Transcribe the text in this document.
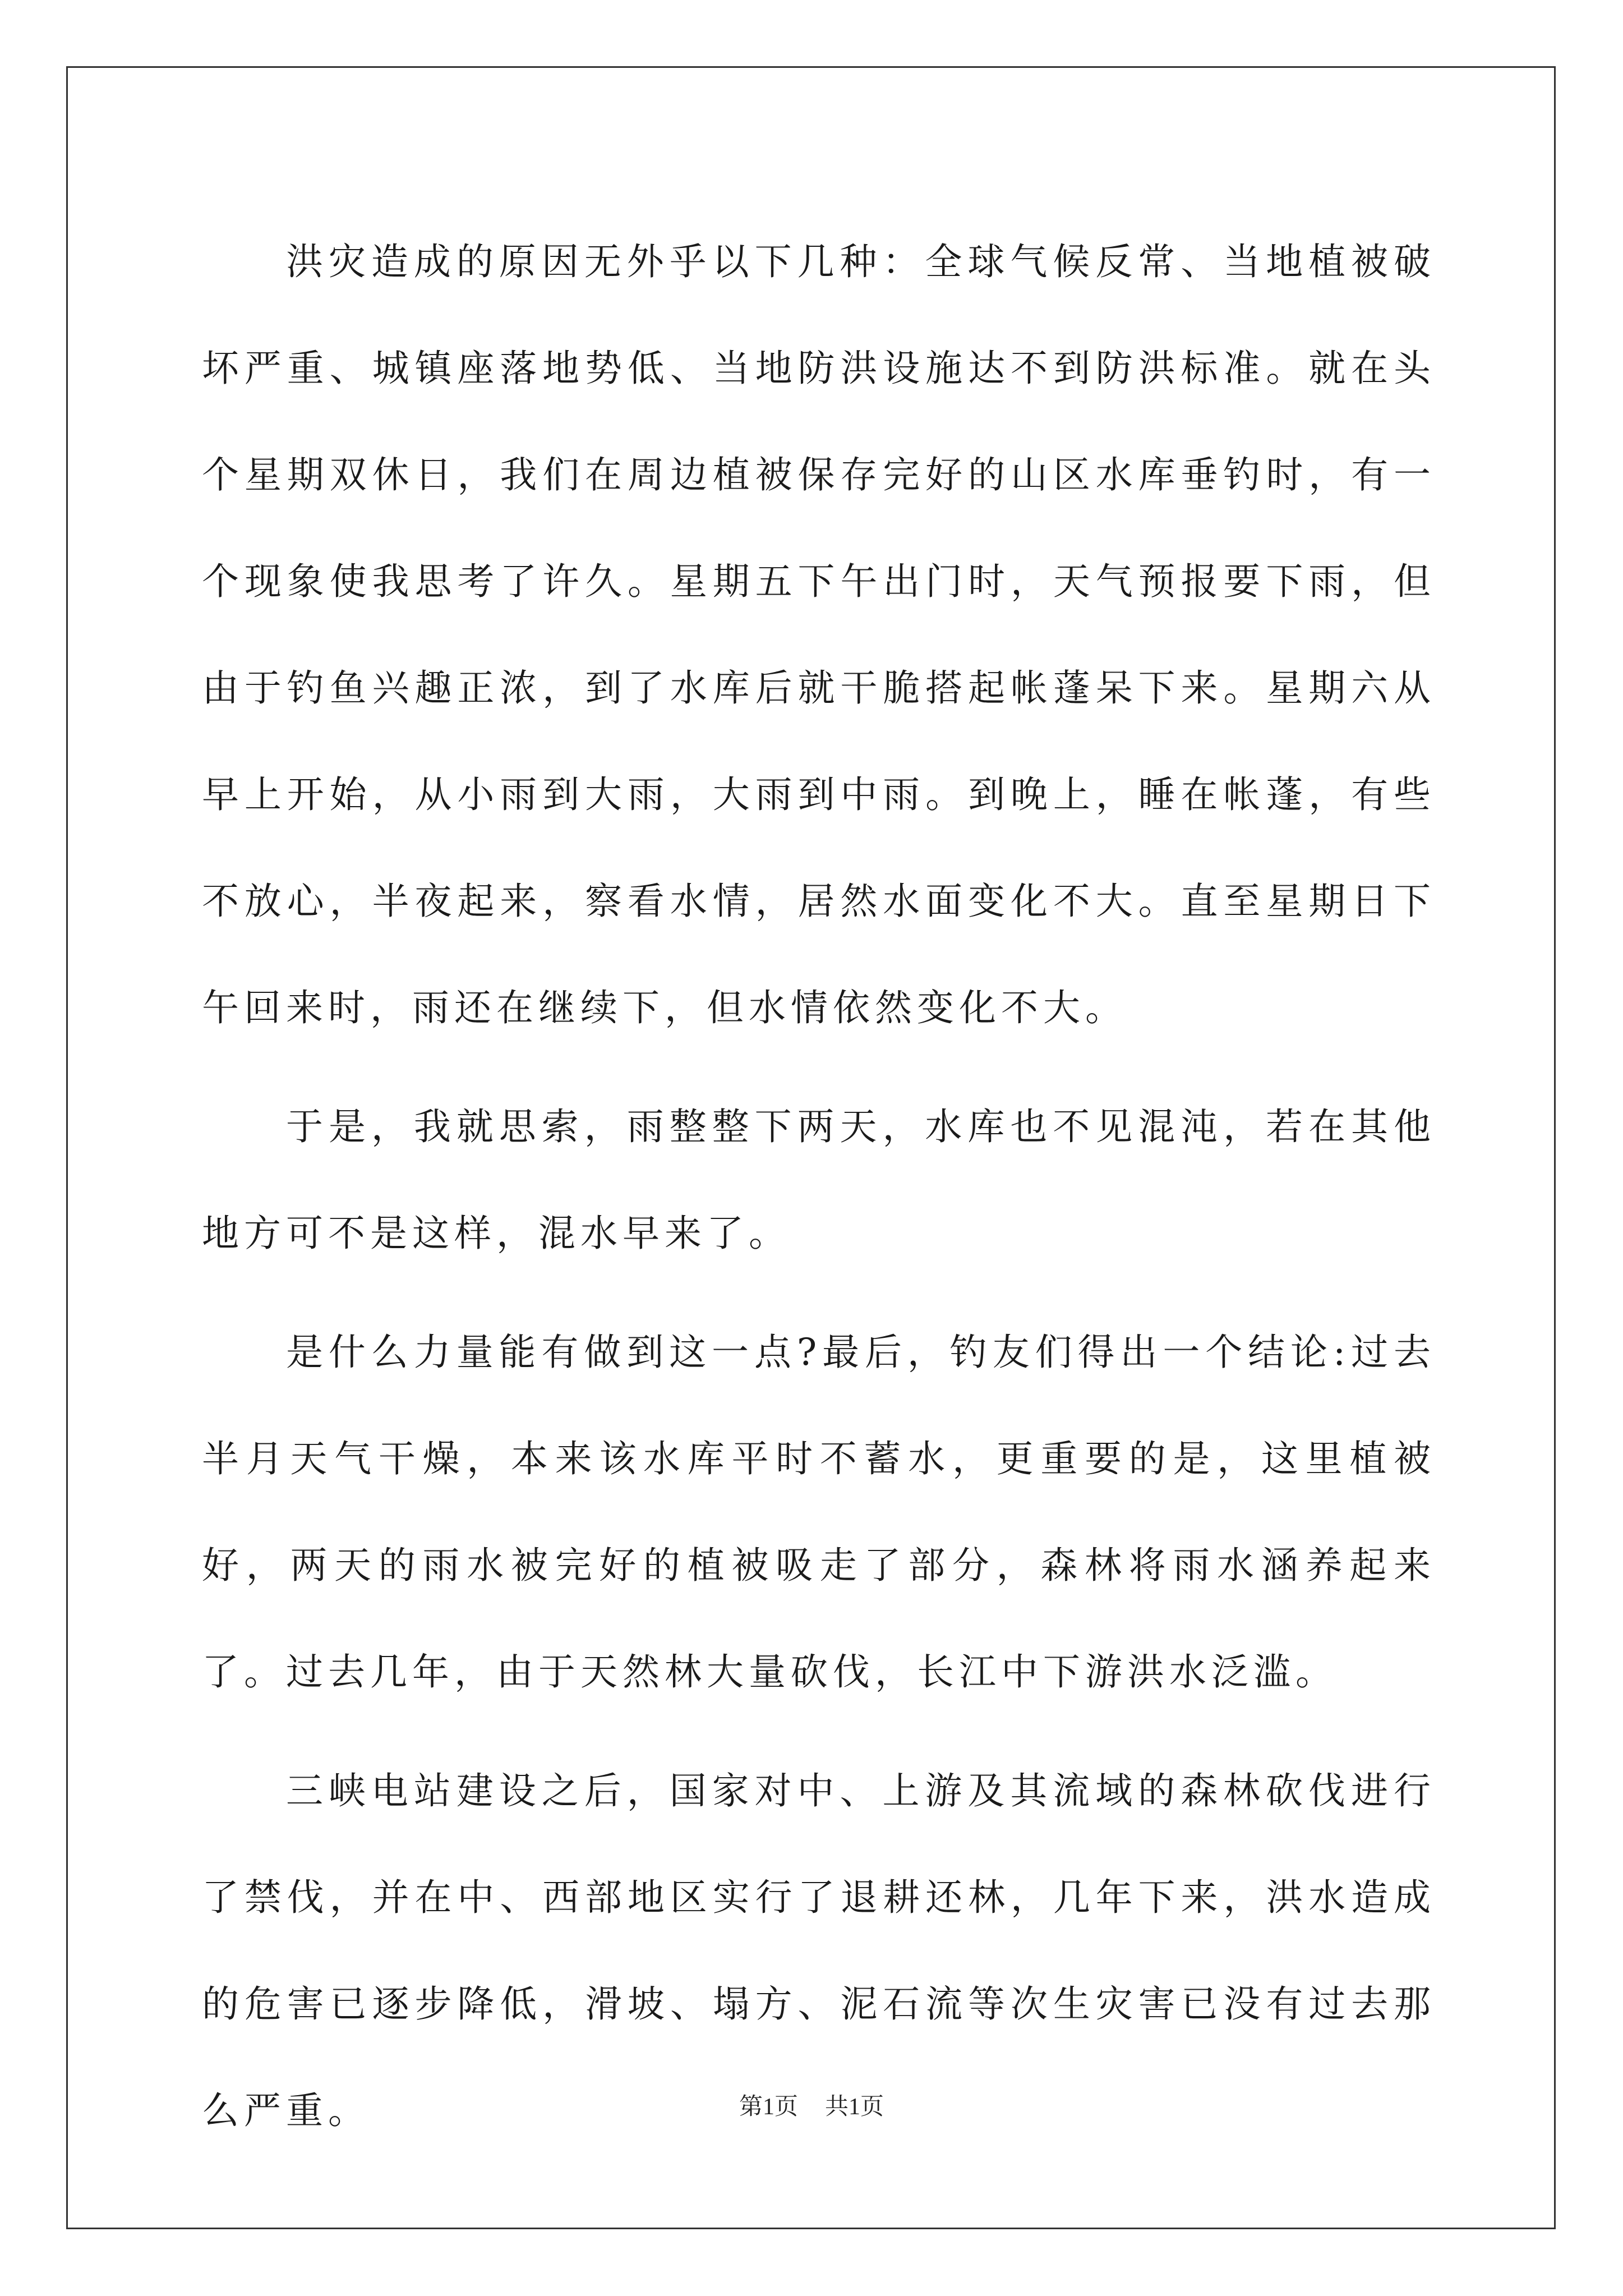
洪灾造成的原因无外乎以下几种：全球气候反常、当地植被破坏严重、城镇座落地势低、当地防洪设施达不到防洪标准。就在头个星期双休日，我们在周边植被保存完好的山区水库垂钓时，有一个现象使我思考了许久。星期五下午出门时，天气预报要下雨，但由于钓鱼兴趣正浓，到了水库后就干脆搭起帐蓬呆下来。星期六从早上开始，从小雨到大雨，大雨到中雨。到晚上，睡在帐蓬，有些不放心，半夜起来，察看水情，居然水面变化不大。直至星期日下午回来时，雨还在继续下，但水情依然变化不大。

于是，我就思索，雨整整下两天，水库也不见混沌，若在其他地方可不是这样，混水早来了。

是什么力量能有做到这一点?最后，钓友们得出一个结论:过去半月天气干燥，本来该水库平时不蓄水，更重要的是，这里植被好，两天的雨水被完好的植被吸走了部分，森林将雨水涵养起来了。过去几年，由于天然林大量砍伐，长江中下游洪水泛滥。

三峡电站建设之后，国家对中、上游及其流域的森林砍伐进行了禁伐，并在中、西部地区实行了退耕还林，几年下来，洪水造成的危害已逐步降低，滑坡、塌方、泥石流等次生灾害已没有过去那么严重。	第1页 共1页
